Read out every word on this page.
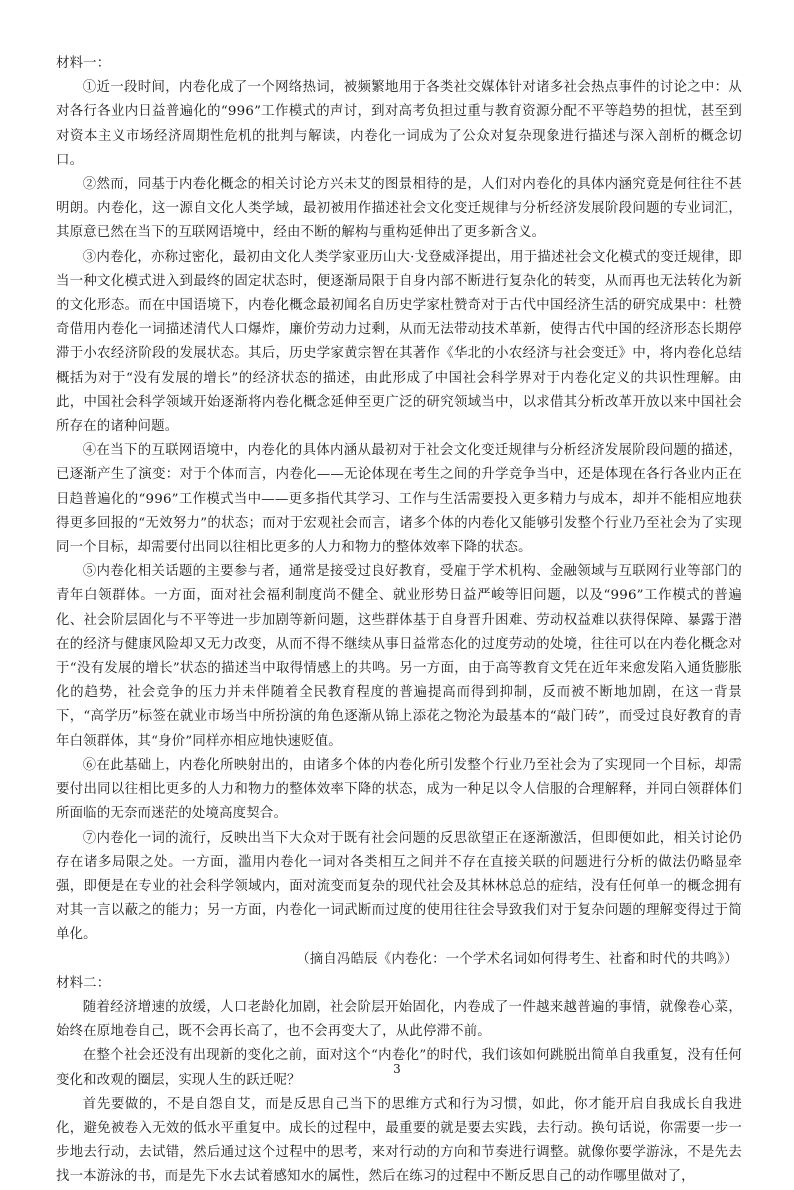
材料一：

①近一段时间，内卷化成了一个网络热词，被频繁地用于各类社交媒体针对诸多社会热点事件的讨论之中：从对各行各业内日益普遍化的“996”工作模式的声讨，到对高考负担过重与教育资源分配不平等趋势的担忧，甚至到对资本主义市场经济周期性危机的批判与解读，内卷化一词成为了公众对复杂现象进行描述与深入剖析的概念切口。

②然而，同基于内卷化概念的相关讨论方兴未艾的图景相待的是，人们对内卷化的具体内涵究竟是何往往不甚明朗。内卷化，这一源自文化人类学域，最初被用作描述社会文化变迁规律与分析经济发展阶段问题的专业词汇，其原意已然在当下的互联网语境中，经由不断的解构与重构延伸出了更多新含义。

③内卷化，亦称过密化，最初由文化人类学家亚历山大·戈登威泽提出，用于描述社会文化模式的变迁规律，即当一种文化模式进入到最终的固定状态时，便逐渐局限于自身内部不断进行复杂化的转变，从而再也无法转化为新的文化形态。而在中国语境下，内卷化概念最初闻名自历史学家杜赞奇对于古代中国经济生活的研究成果中：杜赞奇借用内卷化一词描述清代人口爆炸，廉价劳动力过剩，从而无法带动技术革新，使得古代中国的经济形态长期停滞于小农经济阶段的发展状态。其后，历史学家黄宗智在其著作《华北的小农经济与社会变迁》中，将内卷化总结概括为对于“没有发展的增长”的经济状态的描述，由此形成了中国社会科学界对于内卷化定义的共识性理解。由此，中国社会科学领域开始逐渐将内卷化概念延伸至更广泛的研究领域当中，以求借其分析改革开放以来中国社会所存在的诸种问题。

④在当下的互联网语境中，内卷化的具体内涵从最初对于社会文化变迁规律与分析经济发展阶段问题的描述，已逐渐产生了演变：对于个体而言，内卷化——无论体现在考生之间的升学竞争当中，还是体现在各行各业内正在日趋普遍化的“996”工作模式当中——更多指代其学习、工作与生活需要投入更多精力与成本，却并不能相应地获得更多回报的“无效努力”的状态；而对于宏观社会而言，诸多个体的内卷化又能够引发整个行业乃至社会为了实现同一个目标，却需要付出同以往相比更多的人力和物力的整体效率下降的状态。

⑤内卷化相关话题的主要参与者，通常是接受过良好教育，受雇于学术机构、金融领域与互联网行业等部门的青年白领群体。一方面，面对社会福利制度尚不健全、就业形势日益严峻等旧问题，以及“996”工作模式的普遍化、社会阶层固化与不平等进一步加剧等新问题，这些群体基于自身晋升困难、劳动权益难以获得保障、暴露于潜在的经济与健康风险却又无力改变，从而不得不继续从事日益常态化的过度劳动的处境，往往可以在内卷化概念对于“没有发展的增长”状态的描述当中取得情感上的共鸣。另一方面，由于高等教育文凭在近年来愈发陷入通货膨胀化的趋势，社会竞争的压力并未伴随着全民教育程度的普遍提高而得到抑制，反而被不断地加剧，在这一背景下，“高学历”标签在就业市场当中所扮演的角色逐渐从锦上添花之物沦为最基本的“敲门砖”，而受过良好教育的青年白领群体，其“身价”同样亦相应地快速贬值。

⑥在此基础上，内卷化所映射出的，由诸多个体的内卷化所引发整个行业乃至社会为了实现同一个目标，却需要付出同以往相比更多的人力和物力的整体效率下降的状态，成为一种足以令人信服的合理解释，并同白领群体们所面临的无奈而迷茫的处境高度契合。

⑦内卷化一词的流行，反映出当下大众对于既有社会问题的反思欲望正在逐渐激活，但即便如此，相关讨论仍存在诸多局限之处。一方面，滥用内卷化一词对各类相互之间并不存在直接关联的问题进行分析的做法仍略显牵强，即便是在专业的社会科学领域内，面对流变而复杂的现代社会及其林林总总的症结，没有任何单一的概念拥有对其一言以蔽之的能力；另一方面，内卷化一词武断而过度的使用往往会导致我们对于复杂问题的理解变得过于简单化。

（摘自冯皓辰《内卷化：一个学术名词如何得考生、社畜和时代的共鸣》）

材料二：

随着经济增速的放缓，人口老龄化加剧，社会阶层开始固化，内卷成了一件越来越普遍的事情，就像卷心菜，始终在原地卷自己，既不会再长高了，也不会再变大了，从此停滞不前。

在整个社会还没有出现新的变化之前，面对这个“内卷化”的时代，我们该如何跳脱出简单自我重复，没有任何变化和改观的圈层，实现人生的跃迁呢？

首先要做的，不是自怨自艾，而是反思自己当下的思维方式和行为习惯，如此，你才能开启自我成长自我进化，避免被卷入无效的低水平重复中。成长的过程中，最重要的就是要去实践，去行动。换句话说，你需要一步一步地去行动，去试错，然后通过这个过程中的思考，来对行动的方向和节奏进行调整。就像你要学游泳，不是先去找一本游泳的书，而是先下水去试着感知水的属性，然后在练习的过程中不断反思自己的动作哪里做对了，

3
